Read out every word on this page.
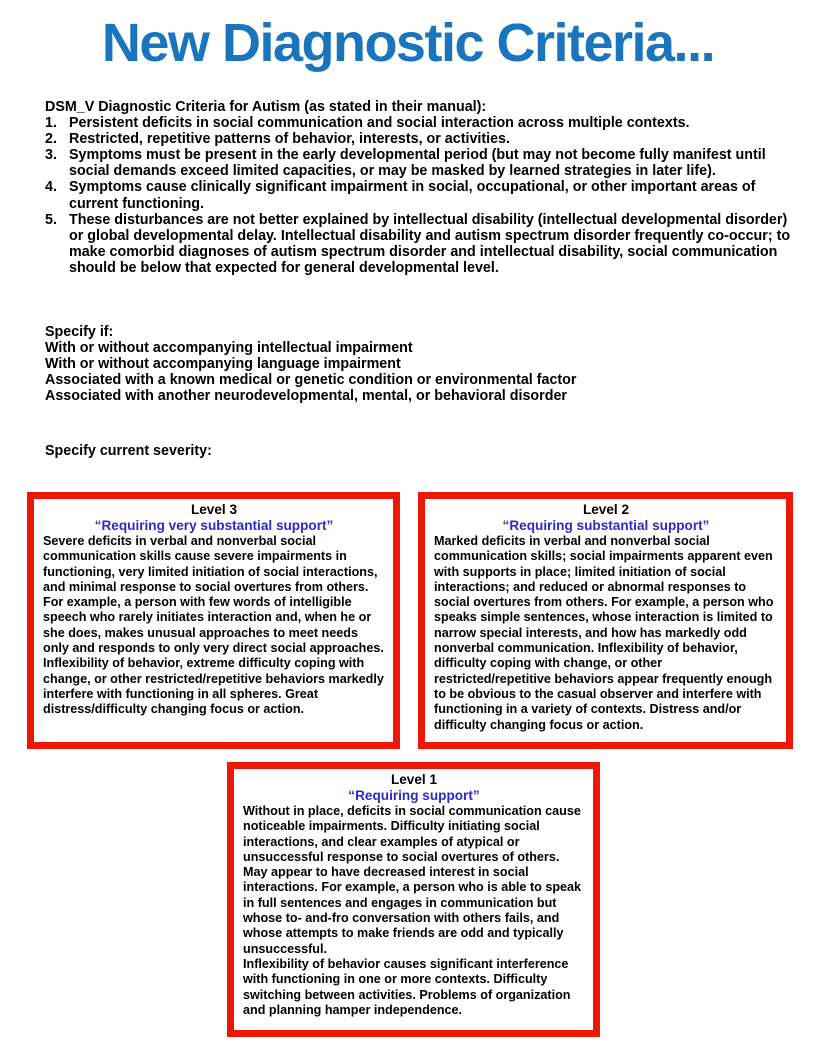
New Diagnostic Criteria...
DSM_V Diagnostic Criteria for Autism (as stated in their manual):
1. Persistent deficits in social communication and social interaction across multiple contexts.
2. Restricted, repetitive patterns of behavior, interests, or activities.
3. Symptoms must be present in the early developmental period (but may not become fully manifest until social demands exceed limited capacities, or may be masked by learned strategies in later life).
4. Symptoms cause clinically significant impairment in social, occupational, or other important areas of current functioning.
5. These disturbances are not better explained by intellectual disability (intellectual developmental disorder) or global developmental delay. Intellectual disability and autism spectrum disorder frequently co-occur; to make comorbid diagnoses of autism spectrum disorder and intellectual disability, social communication should be below that expected for general developmental level.
Specify if:
With or without accompanying intellectual impairment
With or without accompanying language impairment
Associated with a known medical or genetic condition or environmental factor
Associated with another neurodevelopmental, mental, or behavioral disorder
Specify current severity:
Level 3
“Requiring very substantial support”
Severe deficits in verbal and nonverbal social communication skills cause severe impairments in functioning, very limited initiation of social interactions, and minimal response to social overtures from others. For example, a person with few words of intelligible speech who rarely initiates interaction and, when he or she does, makes unusual approaches to meet needs only and responds to only very direct social approaches.
Inflexibility of behavior, extreme difficulty coping with change, or other restricted/repetitive behaviors markedly interfere with functioning in all spheres. Great distress/difficulty changing focus or action.
Level 2
“Requiring substantial support”
Marked deficits in verbal and nonverbal social communication skills; social impairments apparent even with supports in place; limited initiation of social interactions; and reduced or abnormal responses to social overtures from others. For example, a person who speaks simple sentences, whose interaction is limited to narrow special interests, and how has markedly odd nonverbal communication. Inflexibility of behavior, difficulty coping with change, or other restricted/repetitive behaviors appear frequently enough to be obvious to the casual observer and interfere with functioning in a variety of contexts. Distress and/or difficulty changing focus or action.
Level 1
“Requiring support”
Without in place, deficits in social communication cause noticeable impairments. Difficulty initiating social interactions, and clear examples of atypical or unsuccessful response to social overtures of others. May appear to have decreased interest in social interactions. For example, a person who is able to speak in full sentences and engages in communication but whose to- and-fro conversation with others fails, and whose attempts to make friends are odd and typically unsuccessful.
Inflexibility of behavior causes significant interference with functioning in one or more contexts. Difficulty switching between activities. Problems of organization and planning hamper independence.
